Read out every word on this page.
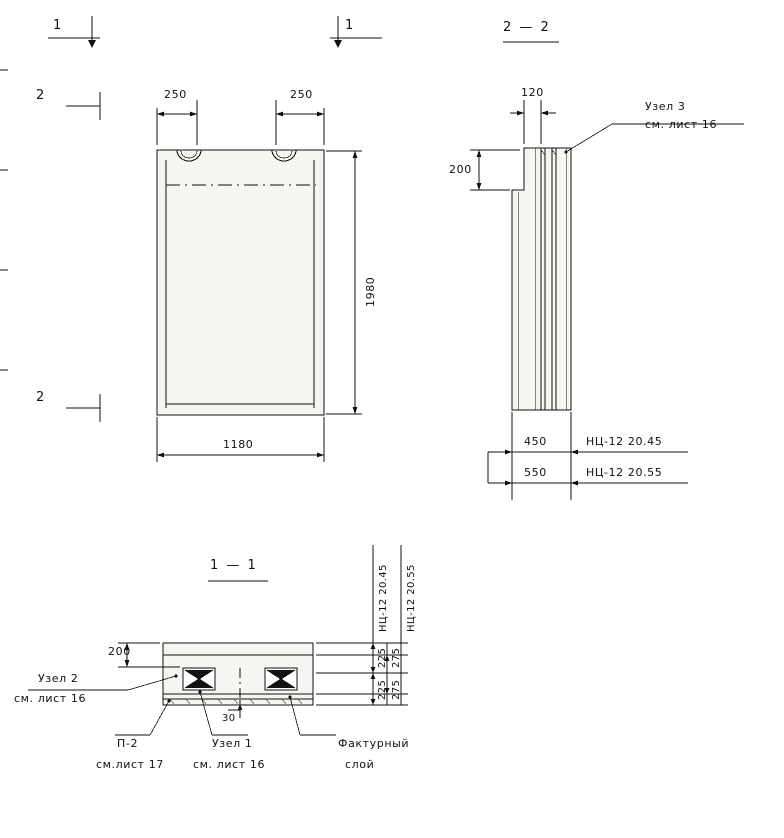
1
2
2
1
250	250
1980
1180
2 — 2
120
200
450
550
НЦ-12 20.45
НЦ-12 20.55
Узел 3
см. лист 16
1 — 1
200
30
225
225
275
275
НЦ-12 20.45 НЦ-12 20.55
Узел 2
см. лист 16
П-2
см.лист 17
Узел 1
см. лист 16
Фактурный
слой
